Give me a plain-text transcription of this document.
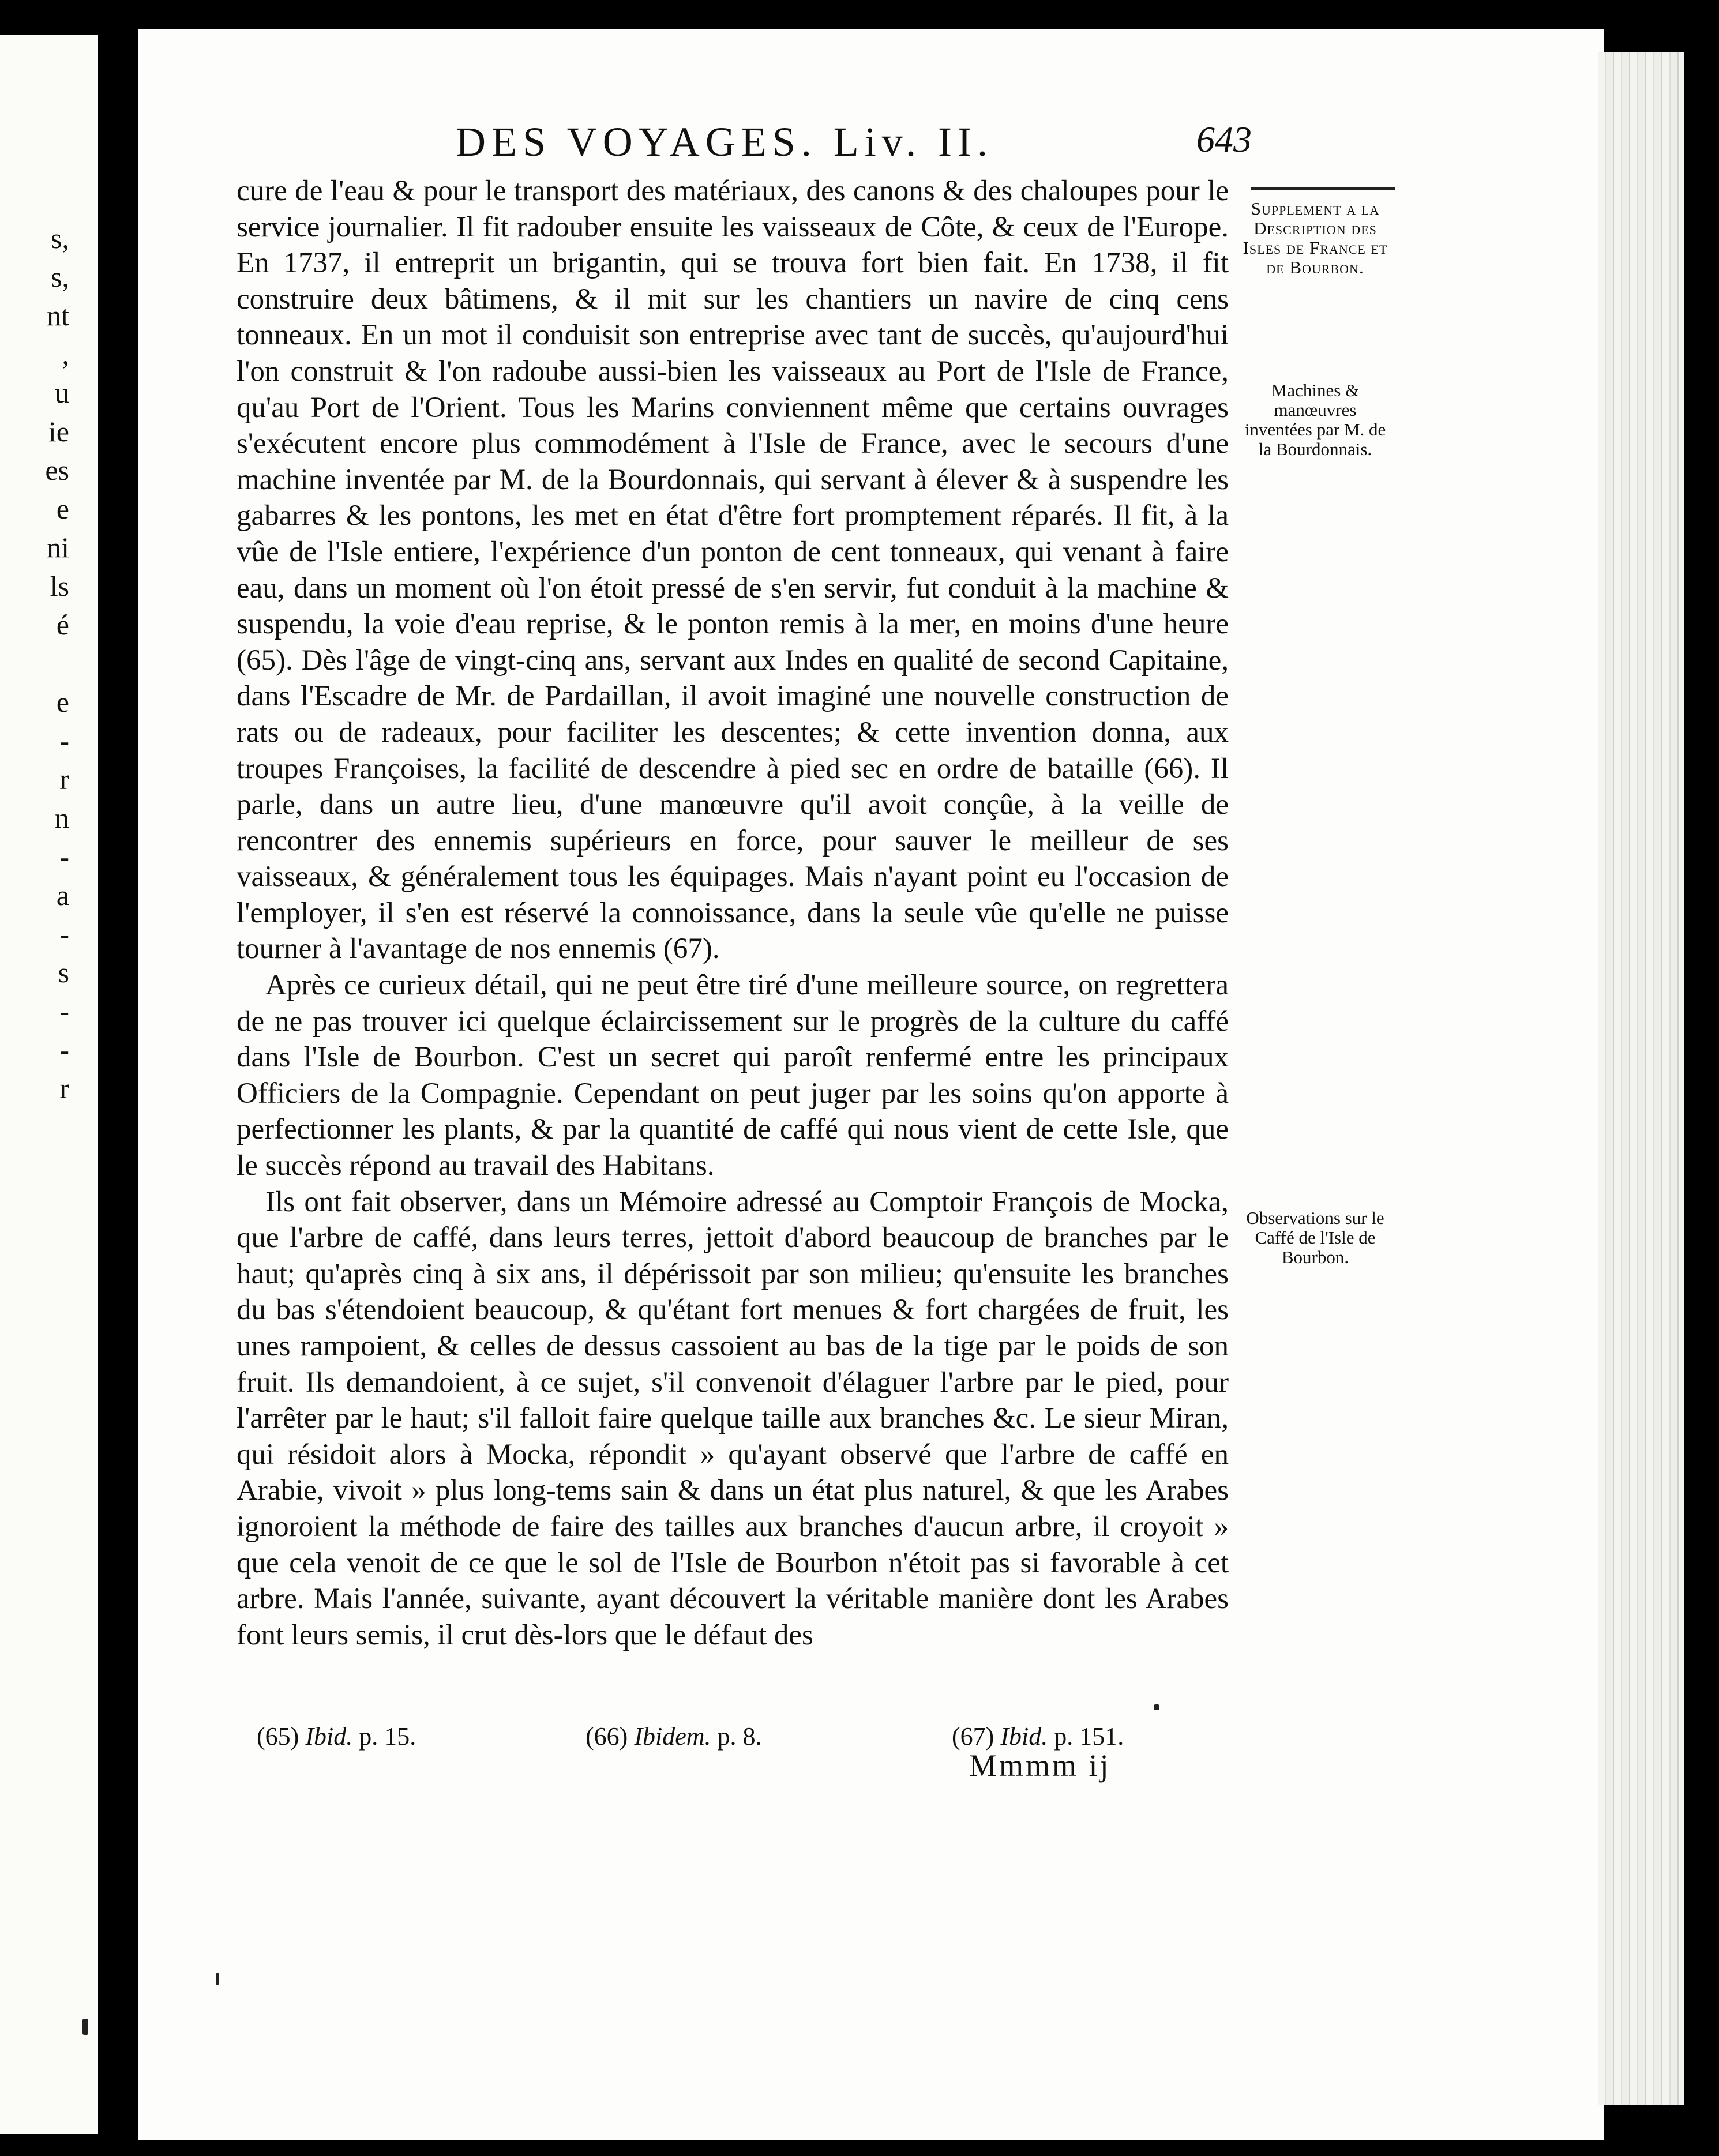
s,
s,
nt
,
u
ie
es
e
ni
ls
é
e
-
r
n
-
a
-
s
-
-
r
DES VOYAGES. Liv. II.	643

cure de l'eau & pour le transport des matériaux, des canons & des chaloupes pour le service journalier. Il fit radouber ensuite les vaisseaux de Côte, & ceux de l'Europe. En 1737, il entreprit un brigantin, qui se trouva fort bien fait. En 1738, il fit construire deux bâtimens, & il mit sur les chantiers un navire de cinq cens tonneaux. En un mot il conduisit son entreprise avec tant de succès, qu'aujourd'hui l'on construit & l'on radoube aussi-bien les vaisseaux au Port de l'Isle de France, qu'au Port de l'Orient. Tous les Marins conviennent même que certains ouvrages s'exécutent encore plus commodément à l'Isle de France, avec le secours d'une machine inventée par M. de la Bourdonnais, qui servant à élever & à suspendre les gabarres & les pontons, les met en état d'être fort promptement réparés. Il fit, à la vûe de l'Isle entiere, l'expérience d'un ponton de cent tonneaux, qui venant à faire eau, dans un moment où l'on étoit pressé de s'en servir, fut conduit à la machine & suspendu, la voie d'eau reprise, & le ponton remis à la mer, en moins d'une heure (65). Dès l'âge de vingt-cinq ans, servant aux Indes en qualité de second Capitaine, dans l'Escadre de Mr. de Pardaillan, il avoit imaginé une nouvelle construction de rats ou de radeaux, pour faciliter les descentes; & cette invention donna, aux troupes Françoises, la facilité de descendre à pied sec en ordre de bataille (66). Il parle, dans un autre lieu, d'une manœuvre qu'il avoit conçûe, à la veille de rencontrer des ennemis supérieurs en force, pour sauver le meilleur de ses vaisseaux, & généralement tous les équipages. Mais n'ayant point eu l'occasion de l'employer, il s'en est réservé la connoissance, dans la seule vûe qu'elle ne puisse tourner à l'avantage de nos ennemis (67).

Après ce curieux détail, qui ne peut être tiré d'une meilleure source, on regrettera de ne pas trouver ici quelque éclaircissement sur le progrès de la culture du caffé dans l'Isle de Bourbon. C'est un secret qui paroît renfermé entre les principaux Officiers de la Compagnie. Cependant on peut juger par les soins qu'on apporte à perfectionner les plants, & par la quantité de caffé qui nous vient de cette Isle, que le succès répond au travail des Habitans.

Ils ont fait observer, dans un Mémoire adressé au Comptoir François de Mocka, que l'arbre de caffé, dans leurs terres, jettoit d'abord beaucoup de branches par le haut; qu'après cinq à six ans, il dépérissoit par son milieu; qu'ensuite les branches du bas s'étendoient beaucoup, & qu'étant fort menues & fort chargées de fruit, les unes rampoient, & celles de dessus cassoient au bas de la tige par le poids de son fruit. Ils demandoient, à ce sujet, s'il convenoit d'élaguer l'arbre par le pied, pour l'arrêter par le haut; s'il falloit faire quelque taille aux branches &c. Le sieur Miran, qui résidoit alors à Mocka, répondit » qu'ayant observé que l'arbre de caffé en Arabie, vivoit » plus long-tems sain & dans un état plus naturel, & que les Arabes ignoroient la méthode de faire des tailles aux branches d'aucun arbre, il croyoit » que cela venoit de ce que le sol de l'Isle de Bourbon n'étoit pas si favorable à cet arbre. Mais l'année, suivante, ayant découvert la véritable manière dont les Arabes font leurs semis, il crut dès-lors que le défaut des

Supplement a la Description des Isles de France et de Bourbon.
Machines & manœuvres inventées par M. de la Bourdonnais.
Observations sur le Caffé de l'Isle de Bourbon.
(65) Ibid. p. 15.	(66) Ibidem. p. 8.	(67) Ibid. p. 151.
Mmmm ij
